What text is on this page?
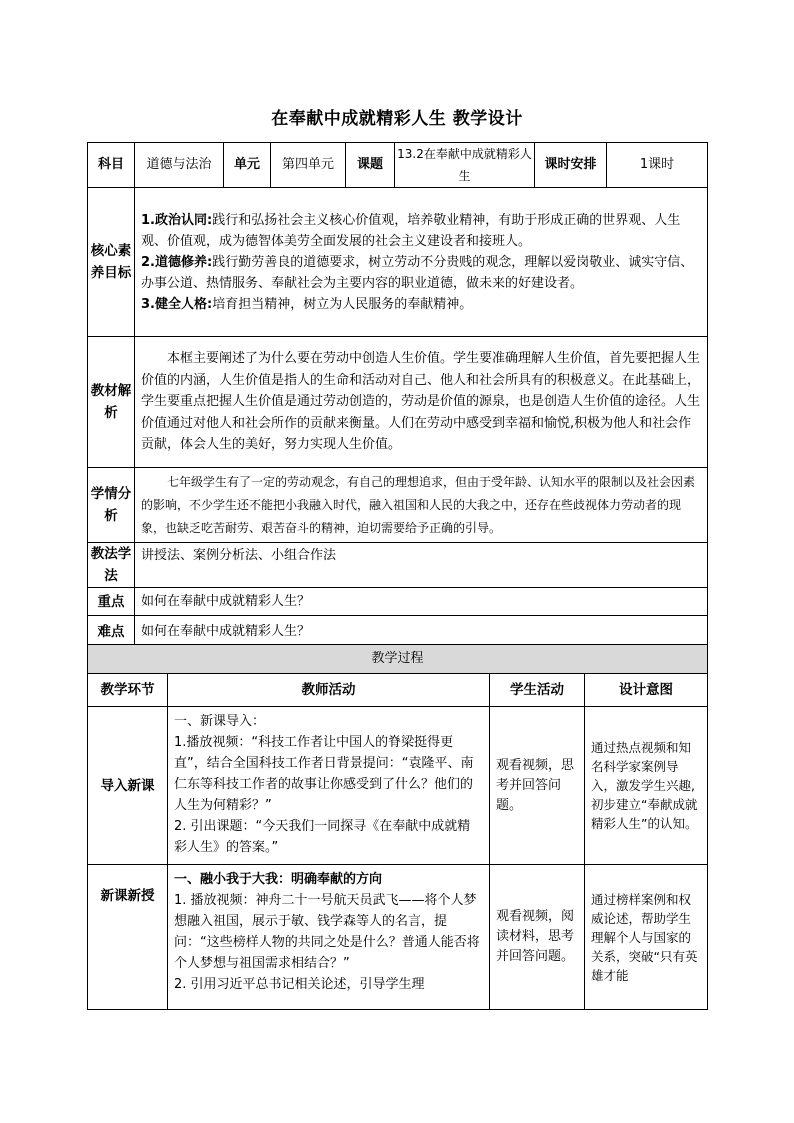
在奉献中成就精彩人生 教学设计
科目	道德与法治	单元	第四单元	课题	13.2在奉献中成就精彩人生	课时安排	1课时
核心素养目标	1.政治认同:践行和弘扬社会主义核心价值观，培养敬业精神，有助于形成正确的世界观、人生观、价值观，成为德智体美劳全面发展的社会主义建设者和接班人。
2.道德修养:践行勤劳善良的道德要求，树立劳动不分贵贱的观念，理解以爱岗敬业、诚实守信、办事公道、热情服务、奉献社会为主要内容的职业道德，做未来的好建设者。
3.健全人格:培育担当精神，树立为人民服务的奉献精神。						

教材解析	本框主要阐述了为什么要在劳动中创造人生价值。学生要准确理解人生价值，首先要把握人生价值的内涵，人生价值是指人的生命和活动对自己、他人和社会所具有的积极意义。在此基础上，学生要重点把握人生价值是通过劳动创造的，劳动是价值的源泉，也是创造人生价值的途径。人生价值通过对他人和社会所作的贡献来衡量。人们在劳动中感受到幸福和愉悦,积极为他人和社会作贡献，体会人生的美好，努力实现人生价值。						
学情分析	七年级学生有了一定的劳动观念，有自己的理想追求，但由于受年龄、认知水平的限制以及社会因素的影响，不少学生还不能把小我融入时代，融入祖国和人民的大我之中，还存在些歧视体力劳动者的现象，也缺乏吃苦耐劳、艰苦奋斗的精神，迫切需要给予正确的引导。						
教法学法	讲授法、案例分析法、小组合作法						
重点	如何在奉献中成就精彩人生？						
难点	如何在奉献中成就精彩人生？						
教学过程			
教学环节	教师活动	学生活动	设计意图
导入新课	一、新课导入：
1.播放视频：“科技工作者让中国人的脊梁挺得更直”，结合全国科技工作者日背景提问：“袁隆平、南仁东等科技工作者的故事让你感受到了什么？他们的人生为何精彩？”
2. 引出课题：“今天我们一同探寻《在奉献中成就精彩人生》的答案。”	观看视频，思考并回答问题。	通过热点视频和知名科学家案例导入，激发学生兴趣,初步建立“奉献成就精彩人生”的认知。
新课新授	一、融小我于大我：明确奉献的方向
1. 播放视频：神舟二十一号航天员武飞——将个人梦想融入祖国，展示于敏、钱学森等人的名言，提问：“这些榜样人物的共同之处是什么？普通人能否将个人梦想与祖国需求相结合？”
2. 引用习近平总书记相关论述，引导学生理	观看视频，阅读材料，思考并回答问题。	通过榜样案例和权威论述，帮助学生理解个人与国家的关系，突破“只有英雄才能
